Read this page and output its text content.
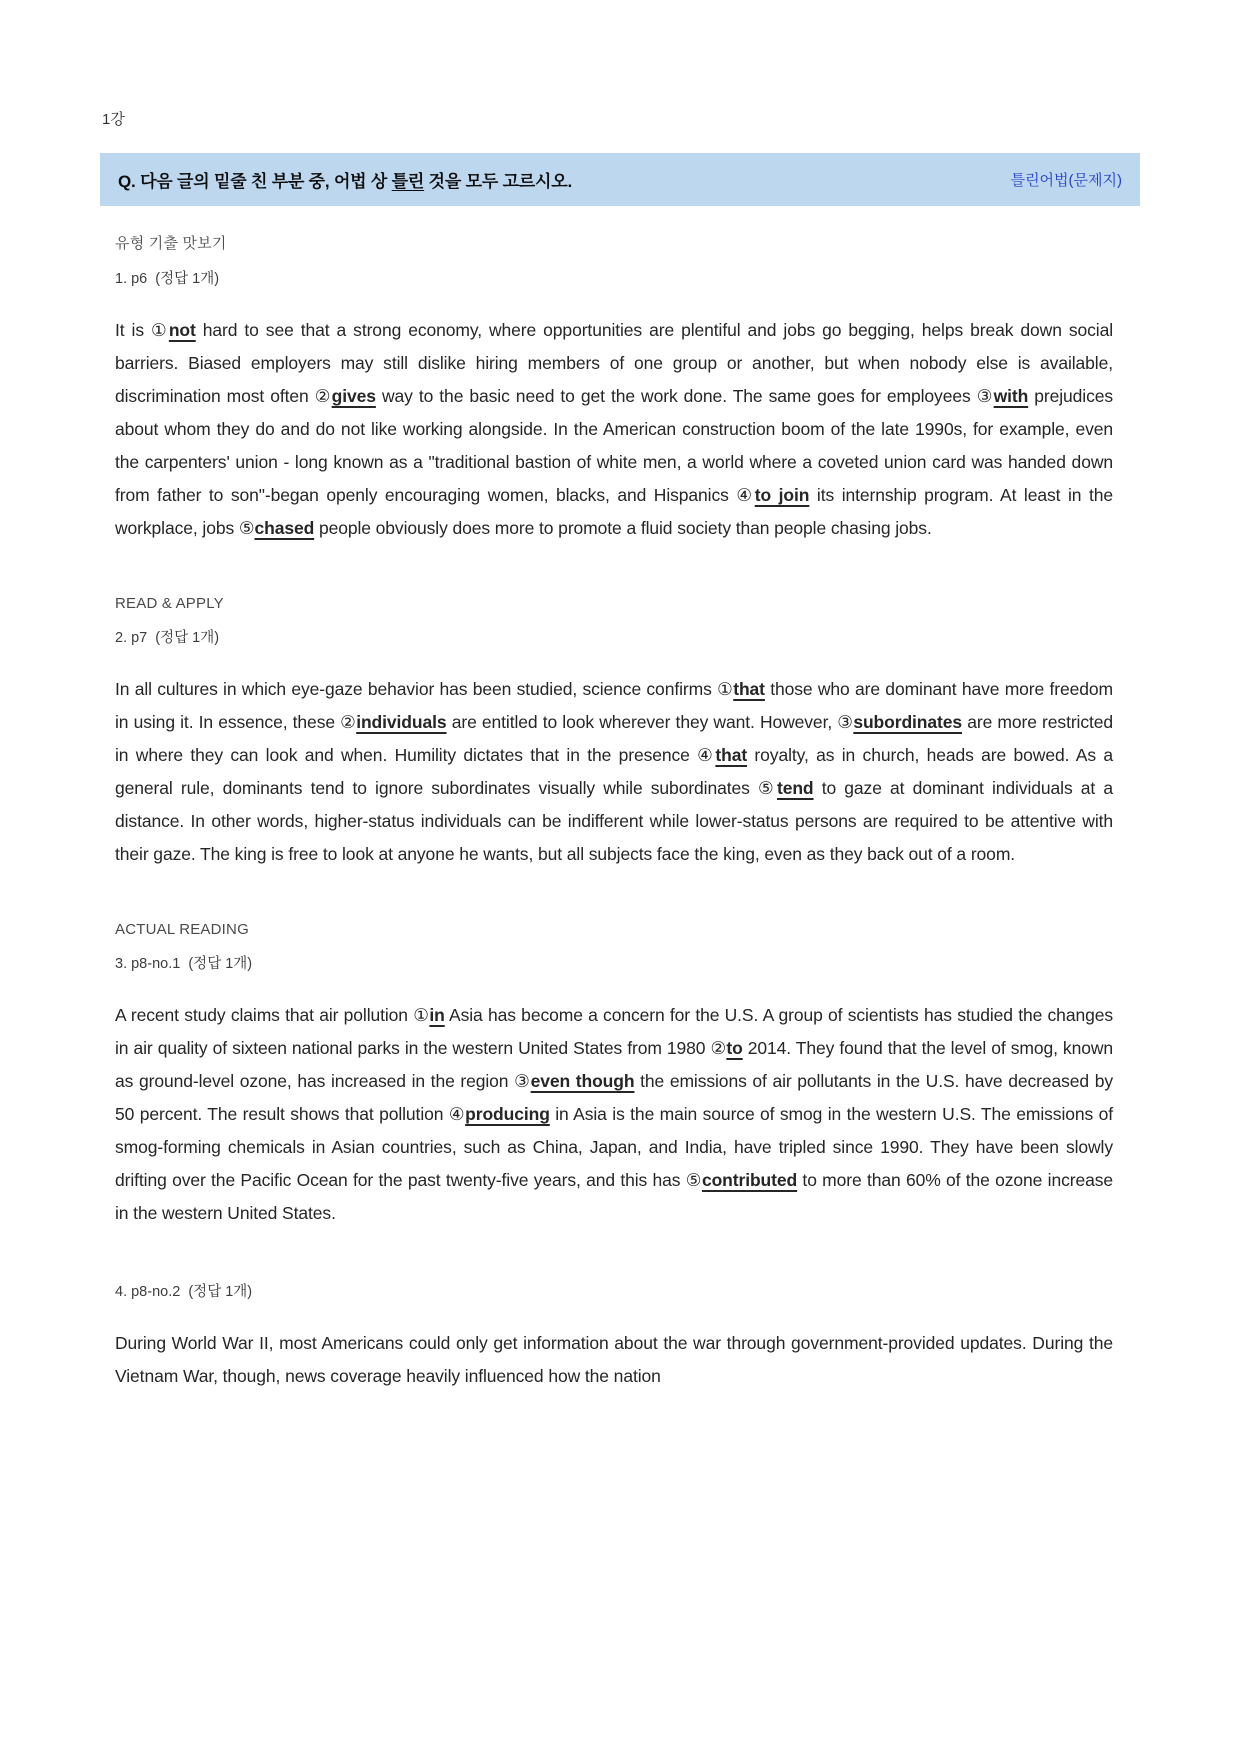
1강
Q. 다음 글의 밑줄 친 부분 중, 어법 상 틀린 것을 모두 고르시오.	틀린어법(문제지)
유형 기출 맛보기
1. p6  (정답 1개)

It is ①not hard to see that a strong economy, where opportunities are plentiful and jobs go begging, helps break down social barriers. Biased employers may still dislike hiring members of one group or another, but when nobody else is available, discrimination most often ②gives way to the basic need to get the work done. The same goes for employees ③with prejudices about whom they do and do not like working alongside. In the American construction boom of the late 1990s, for example, even the carpenters' union - long known as a "traditional bastion of white men, a world where a coveted union card was handed down from father to son"-began openly encouraging women, blacks, and Hispanics ④to join its internship program. At least in the workplace, jobs ⑤chased people obviously does more to promote a fluid society than people chasing jobs.

READ & APPLY
2. p7  (정답 1개)

In all cultures in which eye-gaze behavior has been studied, science confirms ①that those who are dominant have more freedom in using it. In essence, these ②individuals are entitled to look wherever they want. However, ③subordinates are more restricted in where they can look and when. Humility dictates that in the presence ④that royalty, as in church, heads are bowed. As a general rule, dominants tend to ignore subordinates visually while subordinates ⑤tend to gaze at dominant individuals at a distance. In other words, higher-status individuals can be indifferent while lower-status persons are required to be attentive with their gaze. The king is free to look at anyone he wants, but all subjects face the king, even as they back out of a room.

ACTUAL READING
3. p8-no.1  (정답 1개)

A recent study claims that air pollution ①in Asia has become a concern for the U.S. A group of scientists has studied the changes in air quality of sixteen national parks in the western United States from 1980 ②to 2014. They found that the level of smog, known as ground-level ozone, has increased in the region ③even though the emissions of air pollutants in the U.S. have decreased by 50 percent. The result shows that pollution ④producing in Asia is the main source of smog in the western U.S. The emissions of smog-forming chemicals in Asian countries, such as China, Japan, and India, have tripled since 1990. They have been slowly drifting over the Pacific Ocean for the past twenty-five years, and this has ⑤contributed to more than 60% of the ozone increase in the western United States.

4. p8-no.2  (정답 1개)

During World War II, most Americans could only get information about the war through government-provided updates. During the Vietnam War, though, news coverage heavily influenced how the nation
